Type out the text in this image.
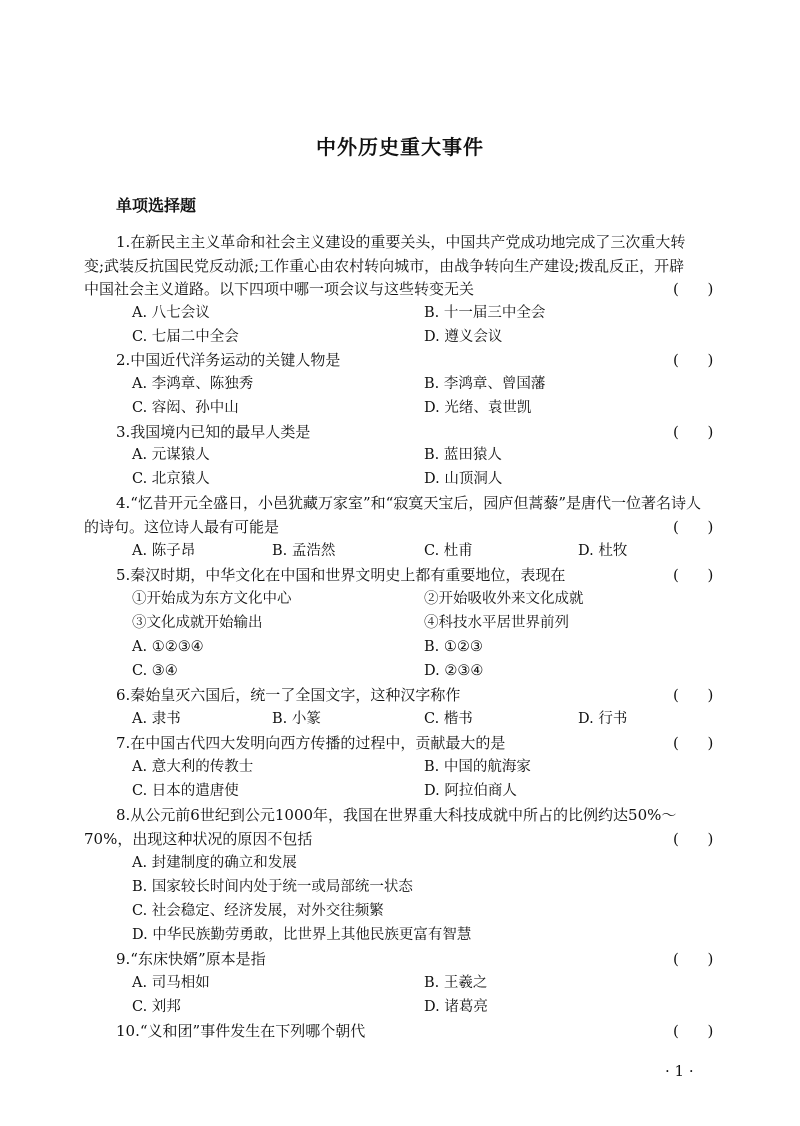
中外历史重大事件
单项选择题
1.在新民主主义革命和社会主义建设的重要关头，中国共产党成功地完成了三次重大转
变;武装反抗国民党反动派;工作重心由农村转向城市，由战争转向生产建设;拨乱反正，开辟
中国社会主义道路。以下四项中哪一项会议与这些转变无关	(      )
A. 八七会议	B. 十一届三中全会
C. 七届二中全会	D. 遵义会议
2.中国近代洋务运动的关键人物是	(      )
A. 李鸿章、陈独秀	B. 李鸿章、曾国藩
C. 容闳、孙中山	D. 光绪、袁世凯
3.我国境内已知的最早人类是	(      )
A. 元谋猿人	B. 蓝田猿人
C. 北京猿人	D. 山顶洞人
4.“忆昔开元全盛日，小邑犹藏万家室”和“寂寞天宝后，园庐但蒿藜”是唐代一位著名诗人
的诗句。这位诗人最有可能是	(      )
A. 陈子昂	B. 孟浩然	C. 杜甫	D. 杜牧
5.秦汉时期，中华文化在中国和世界文明史上都有重要地位，表现在	(      )
①开始成为东方文化中心	②开始吸收外来文化成就
③文化成就开始输出	④科技水平居世界前列
A. ①②③④	B. ①②③
C. ③④	D. ②③④
6.秦始皇灭六国后，统一了全国文字，这种汉字称作	(      )
A. 隶书	B. 小篆	C. 楷书	D. 行书
7.在中国古代四大发明向西方传播的过程中，贡献最大的是	(      )
A. 意大利的传教士	B. 中国的航海家
C. 日本的遣唐使	D. 阿拉伯商人
8.从公元前6世纪到公元1000年，我国在世界重大科技成就中所占的比例约达50%～
70%，出现这种状况的原因不包括	(      )
A. 封建制度的确立和发展
B. 国家较长时间内处于统一或局部统一状态
C. 社会稳定、经济发展，对外交往频繁
D. 中华民族勤劳勇敢，比世界上其他民族更富有智慧
9.“东床快婿”原本是指	(      )
A. 司马相如	B. 王羲之
C. 刘邦	D. 诸葛亮
10.“义和团”事件发生在下列哪个朝代	(      )
· 1 ·
